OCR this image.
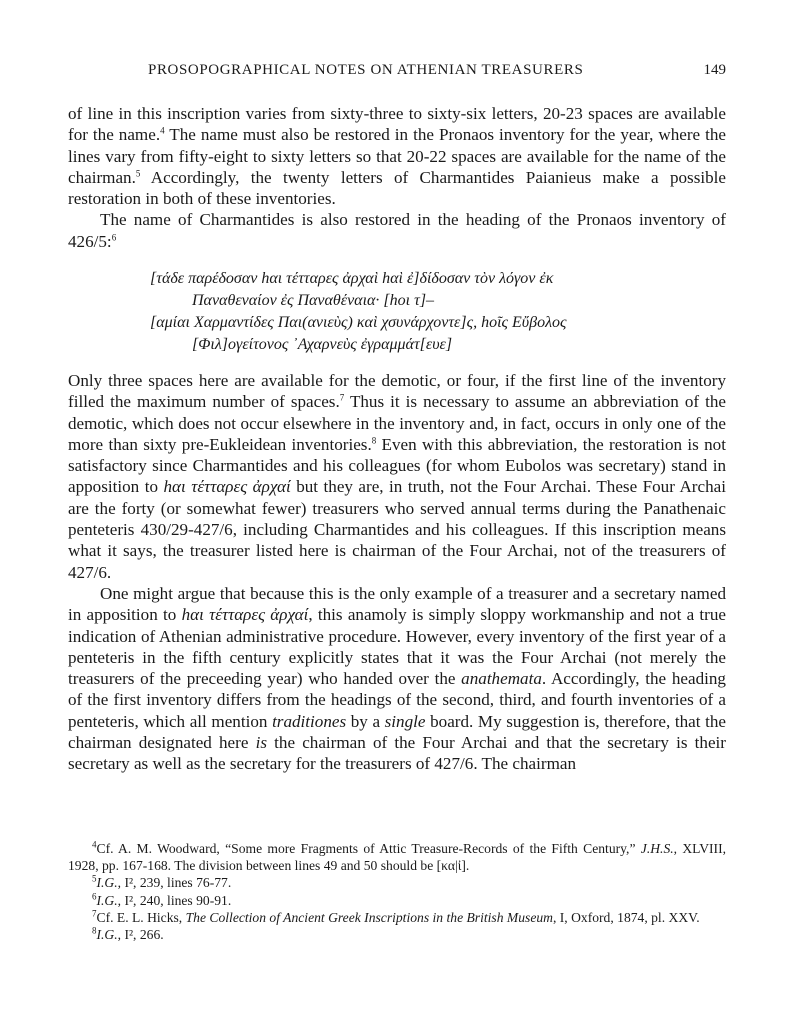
PROSOPOGRAPHICAL NOTES ON ATHENIAN TREASURERS	149

of line in this inscription varies from sixty-three to sixty-six letters, 20-23 spaces are available for the name.$^4$ The name must also be restored in the Pronaos inventory for the year, where the lines vary from fifty-eight to sixty letters so that 20-22 spaces are available for the name of the chairman.$^5$ Accordingly, the twenty letters of Charmantides Paianieus make a possible restoration in both of these inventories.

The name of Charmantides is also restored in the heading of the Pronaos inventory of 426/5:$^6$

[τάδε παρέδοσαν hαι τέτταρες ἀρχαὶ hαὶ ἐ]δίδοσαν τὸν λόγον ἐκ
Παναθεναίον ἐς Παναθέναια· [hοι τ]–
[αμίαι Χαρμαντίδες Παι(ανιεὺς) καὶ χσυνάρχοντε]ς, hοῖς Εὔβολος
[Φιλ]ογείτονος ᾿Αχαρνεὺς ἐγραμμάτ[ευε]

Only three spaces here are available for the demotic, or four, if the first line of the inventory filled the maximum number of spaces.$^7$ Thus it is necessary to assume an abbreviation of the demotic, which does not occur elsewhere in the inventory and, in fact, occurs in only one of the more than sixty pre-Eukleidean inventories.$^8$ Even with this abbreviation, the restoration is not satisfactory since Charmantides and his colleagues (for whom Eubolos was secretary) stand in apposition to hαι τέτταρες ἀρχαί but they are, in truth, not the Four Archai. These Four Archai are the forty (or somewhat fewer) treasurers who served annual terms during the Panathenaic penteteris 430/29-427/6, including Charmantides and his colleagues. If this inscription means what it says, the treasurer listed here is chairman of the Four Archai, not of the treasurers of 427/6.

One might argue that because this is the only example of a treasurer and a secretary named in apposition to hαι τέτταρες ἀρχαί, this anamoly is simply sloppy workmanship and not a true indication of Athenian administrative procedure. However, every inventory of the first year of a penteteris in the fifth century explicitly states that it was the Four Archai (not merely the treasurers of the preceeding year) who handed over the anathemata. Accordingly, the heading of the first inventory differs from the headings of the second, third, and fourth inventories of a penteteris, which all mention traditiones by a single board. My suggestion is, therefore, that the chairman designated here is the chairman of the Four Archai and that the secretary is their secretary as well as the secretary for the treasurers of 427/6. The chairman

$^4$Cf. A. M. Woodward, “Some more Fragments of Attic Treasure-Records of the Fifth Century,” J.H.S., XLVIII, 1928, pp. 167-168. The division between lines 49 and 50 should be [κα|ἰ].

$^5$I.G., I², 239, lines 76-77.

$^6$I.G., I², 240, lines 90-91.

$^7$Cf. E. L. Hicks, The Collection of Ancient Greek Inscriptions in the British Museum, I, Oxford, 1874, pl. XXV.

$^8$I.G., I², 266.
